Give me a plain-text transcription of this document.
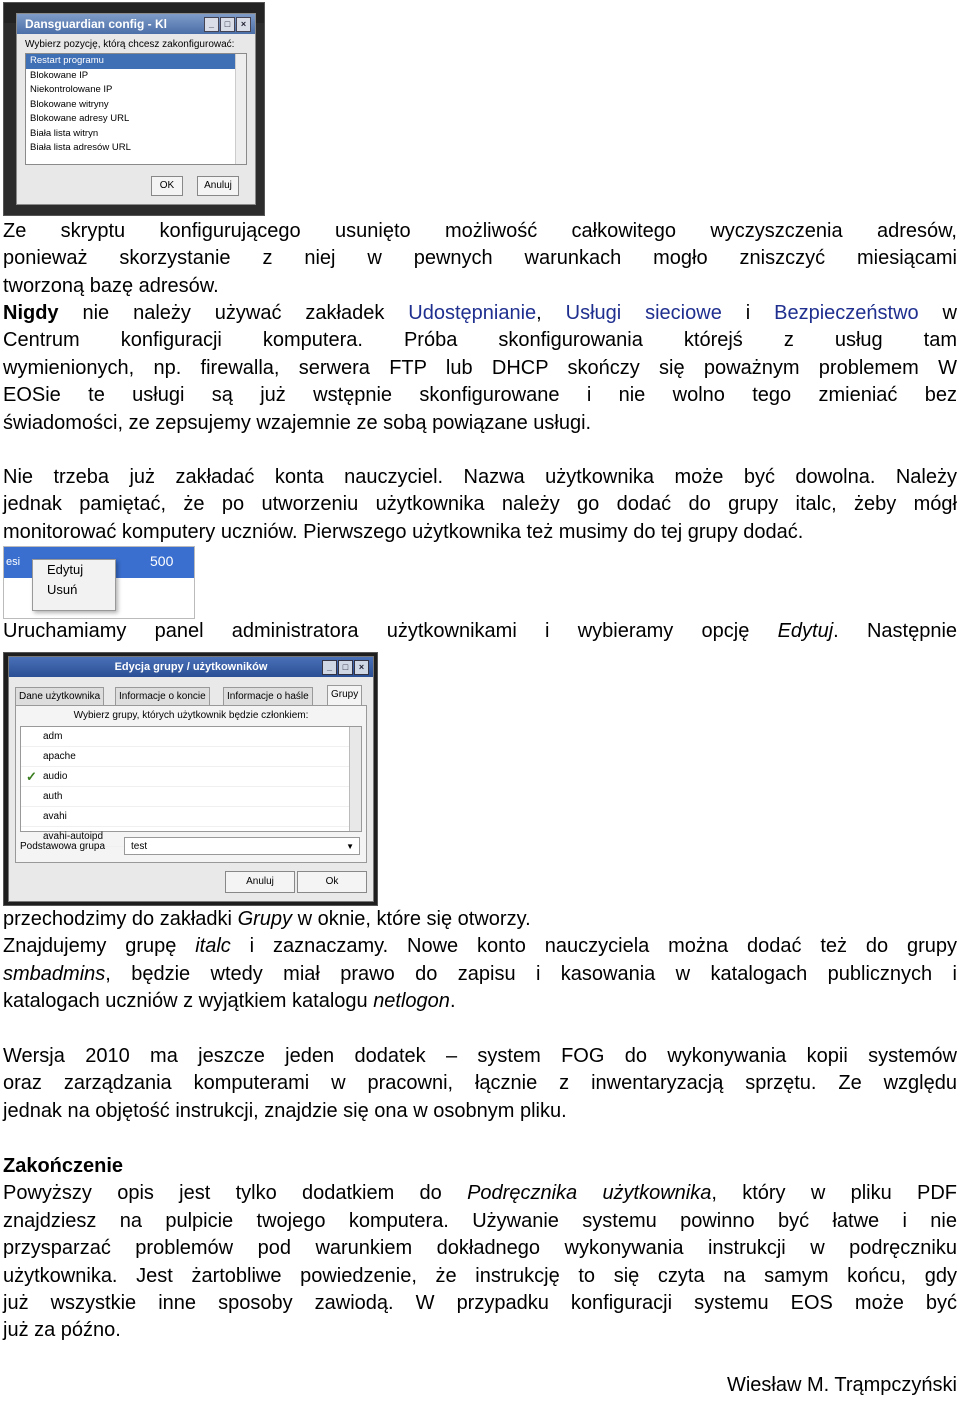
Dansguardian config - Kl	_	□	×
Wybierz pozycję, którą chcesz zakonfigurować:
Restart programu
Blokowane IP
Niekontrolowane IP
Blokowane witryny
Blokowane adresy URL
Biała lista witryn
Biała lista adresów URL
OK	Anuluj
Ze skryptu konfigurującego usunięto możliwość całkowitego wyczyszczenia adresów,
ponieważ skorzystanie z niej w pewnych warunkach mogło zniszczyć miesiącami
tworzoną bazę adresów.
Nigdy nie należy używać zakładek Udostępnianie, Usługi sieciowe i Bezpieczeństwo w
Centrum konfiguracji komputera. Próba skonfigurowania którejś z usług tam
wymienionych, np. firewalla, serwera FTP lub DHCP skończy się poważnym problemem W
EOSie te usługi są już wstępnie skonfigurowane i nie wolno tego zmieniać bez
świadomości, ze zepsujemy wzajemnie ze sobą powiązane usługi.
Nie trzeba już zakładać konta nauczyciel. Nazwa użytkownika może być dowolna. Należy
jednak pamiętać, że po utworzeniu użytkownika należy go dodać do grupy italc, żeby mógł
monitorować komputery uczniów. Pierwszego użytkownika też musimy do tej grupy dodać.
esi	500
Edytuj
Usuń
Uruchamiamy panel administratora użytkownikami i wybieramy opcję Edytuj. Następnie
Edycja grupy / użytkowników	_	□	×
Dane użytkownika	Informacje o koncie	Informacje o haśle	Grupy
Wybierz grupy, których użytkownik będzie członkiem:
adm
apache
✓ audio
auth
avahi
avahi-autoipd
Podstawowa grupa	test	▼
Anuluj	Ok
przechodzimy do zakładki Grupy w oknie, które się otworzy.
Znajdujemy grupę italc i zaznaczamy. Nowe konto nauczyciela można dodać też do grupy
smbadmins, będzie wtedy miał prawo do zapisu i kasowania w katalogach publicznych i
katalogach uczniów z wyjątkiem katalogu netlogon.
Wersja 2010 ma jeszcze jeden dodatek – system FOG do wykonywania kopii systemów
oraz zarządzania komputerami w pracowni, łącznie z inwentaryzacją sprzętu. Ze względu
jednak na objętość instrukcji, znajdzie się ona w osobnym pliku.
Zakończenie
Powyższy opis jest tylko dodatkiem do Podręcznika użytkownika, który w pliku PDF
znajdziesz na pulpicie twojego komputera. Używanie systemu powinno być łatwe i nie
przysparzać problemów pod warunkiem dokładnego wykonywania instrukcji w podręczniku
użytkownika. Jest żartobliwe powiedzenie, że instrukcję to się czyta na samym końcu, gdy
już wszystkie inne sposoby zawiodą. W przypadku konfiguracji systemu EOS może być
już za późno.
Wiesław M. Trąmpczyński
